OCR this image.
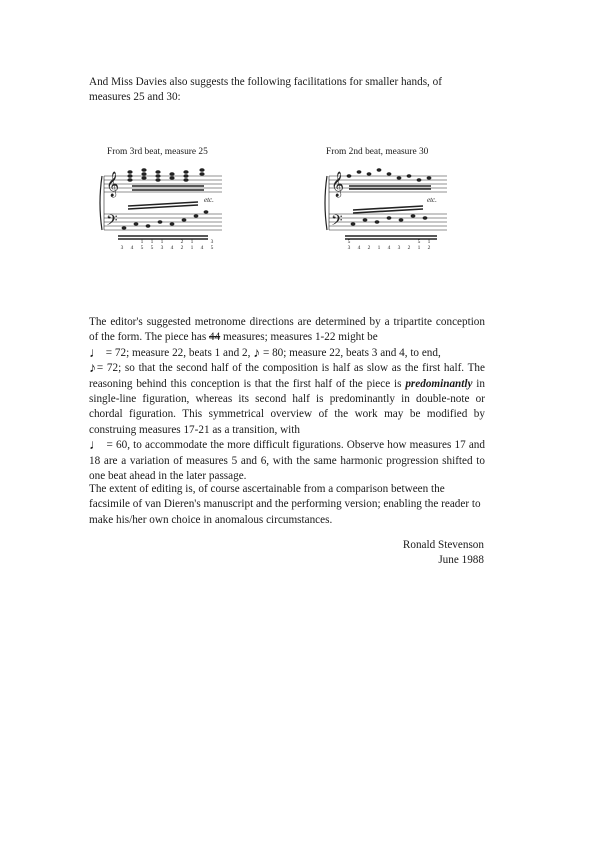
And Miss Davies also suggests the following facilitations for smaller hands, of measures 25 and 30:

From 3rd beat, measure 25	From 2nd beat, measure 30
𝄞
𝄢
etc.
3 4 5 5 3 4 2 1 4 5
1 1 1	2 1	3
𝄞
𝄢
etc.
3 4 2 1 4 3 2 1 2
5	5 1

The editor's suggested metronome directions are determined by a tripartite conception of the form. The piece has 44 measures; measures 1-22 might be
♩ = 72; measure 22, beats 1 and 2, ♪ = 80; measure 22, beats 3 and 4, to end,
♪= 72; so that the second half of the composition is half as slow as the first half. The reasoning behind this conception is that the first half of the piece is predominantly in single-line figuration, whereas its second half is predominantly in double-note or chordal figuration. This symmetrical overview of the work may be modified by construing measures 17-21 as a transition, with
♩ = 60, to accommodate the more difficult figurations. Observe how measures 17 and 18 are a variation of measures 5 and 6, with the same harmonic progression shifted to one beat ahead in the later passage.

The extent of editing is, of course ascertainable from a comparison between the facsimile of van Dieren's manuscript and the performing version; enabling the reader to make his/her own choice in anomalous circumstances.

Ronald Stevenson
June 1988
